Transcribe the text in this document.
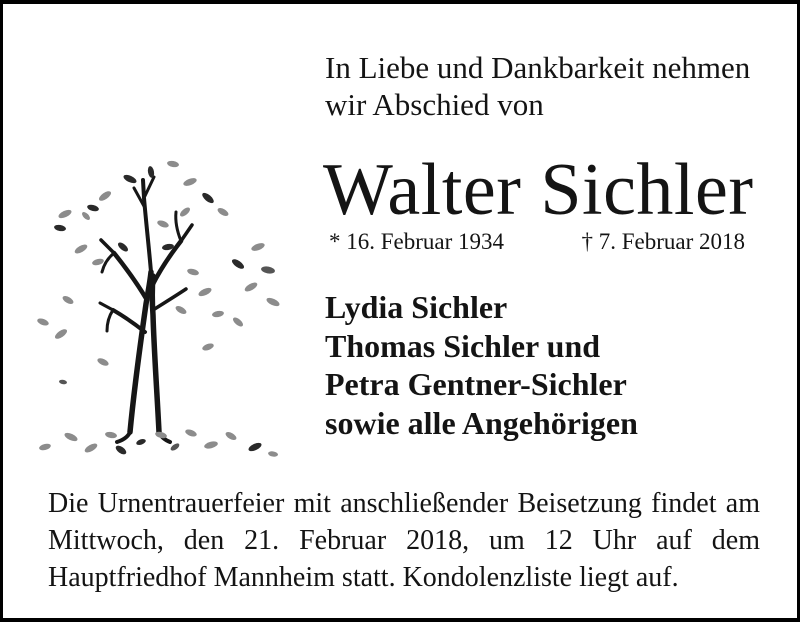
In Liebe und Dankbarkeit nehmen
wir Abschied von
Walter Sichler
* 16. Februar 1934	† 7. Februar 2018
Lydia Sichler
Thomas Sichler und
Petra Gentner-Sichler
sowie alle Angehörigen
Die Urnentrauerfeier mit anschließender Beisetzung findet am Mittwoch, den 21. Februar 2018, um 12 Uhr auf dem Hauptfriedhof Mannheim statt. Kondolenzliste liegt auf.
